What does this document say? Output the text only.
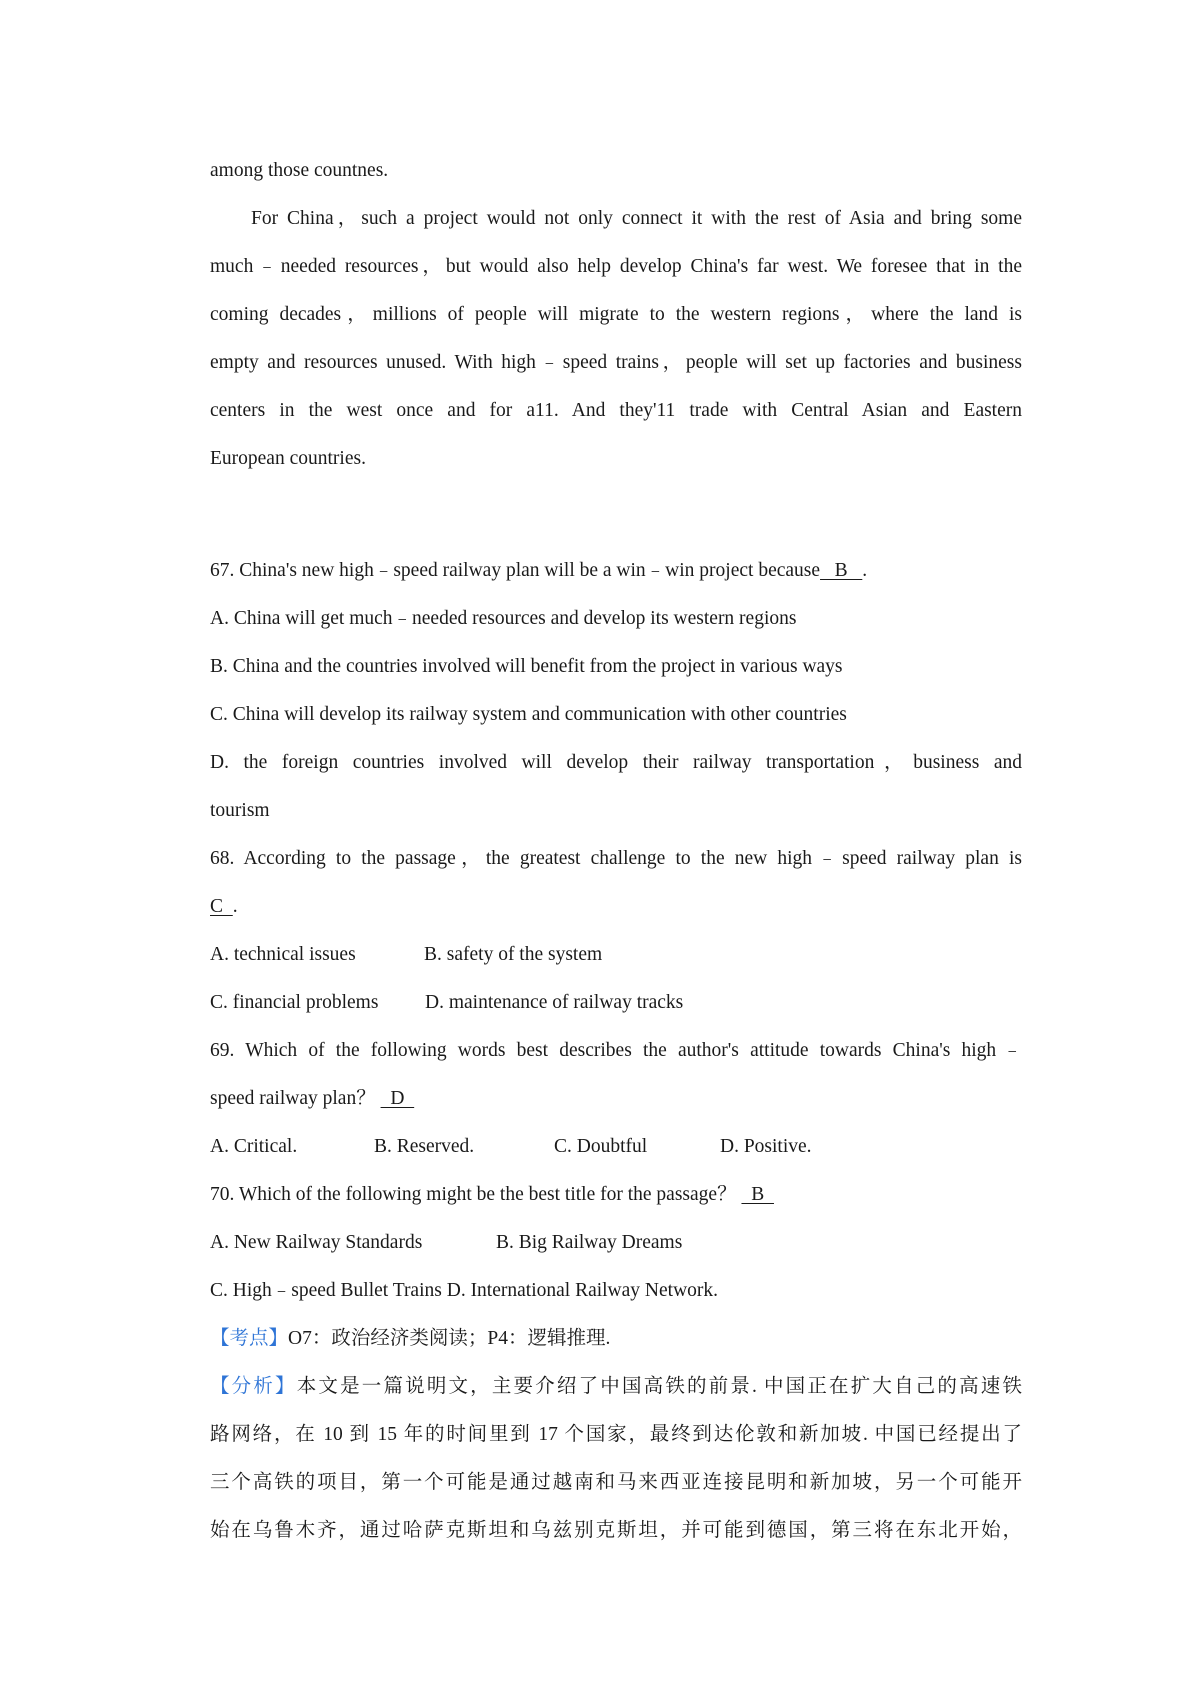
among those countnes.
For China，such a project would not only connect it with the rest of Asia and bring some
much﹣needed resources，but would also help develop China's far west. We foresee that in the
coming decades，millions of people will migrate to the western regions，where the land is
empty and resources unused. With high﹣speed trains，people will set up factories and business
centers in the west once and for a11. And they'11 trade with Central Asian and Eastern
European countries.
67. China's new high﹣speed railway plan will be a win﹣win project because   B   .
A. China will get much﹣needed resources and develop its western regions
B. China and the countries involved will benefit from the project in various ways
C. China will develop its railway system and communication with other countries
D. the foreign countries involved will develop their railway transportation，business and
tourism
68. According to the passage，the greatest challenge to the new high﹣speed railway plan is
C  .
A. technical issues	B. safety of the system
C. financial problems D. maintenance of railway tracks
69. Which of the following words best describes the author's attitude towards China's high﹣
speed railway plan？   D
A. Critical.	B. Reserved.	C. Doubtful	D. Positive.
70. Which of the following might be the best title for the passage？   B
A. New Railway Standards	B. Big Railway Dreams
C. High﹣speed Bullet Trains D. International Railway Network.
【考点】O7：政治经济类阅读；P4：逻辑推理.
【分析】本文是一篇说明文，主要介绍了中国高铁的前景. 中国正在扩大自己的高速铁
路网络，在 10 到 15 年的时间里到 17 个国家，最终到达伦敦和新加坡. 中国已经提出了
三个高铁的项目，第一个可能是通过越南和马来西亚连接昆明和新加坡，另一个可能开
始在乌鲁木齐，通过哈萨克斯坦和乌兹别克斯坦，并可能到德国，第三将在东北开始，
